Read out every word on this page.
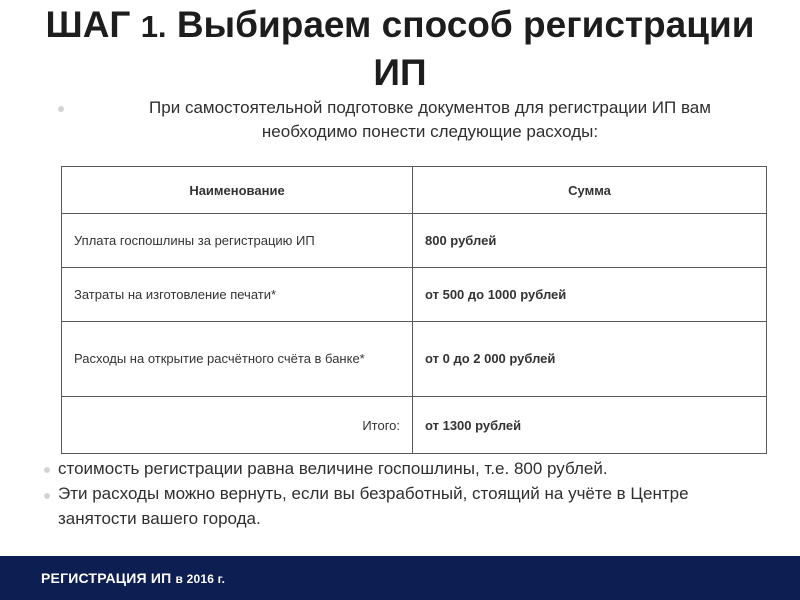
ШАГ 1. Выбираем способ регистрации
ИП
При самостоятельной подготовке документов для регистрации ИП вам
необходимо понести следующие расходы:
Наименование	Сумма
Уплата госпошлины за регистрацию ИП	800 рублей
Затраты на изготовление печати*	от 500 до 1000 рублей
Расходы на открытие расчётного счёта в банке*	от 0 до 2 000 рублей
Итого:	от 1300 рублей

стоимость регистрации равна величине госпошлины, т.е. 800 рублей.

Эти расходы можно вернуть, если вы безработный, стоящий на учёте в Центре

занятости вашего города.

РЕГИСТРАЦИЯ ИП в 2016 г.
